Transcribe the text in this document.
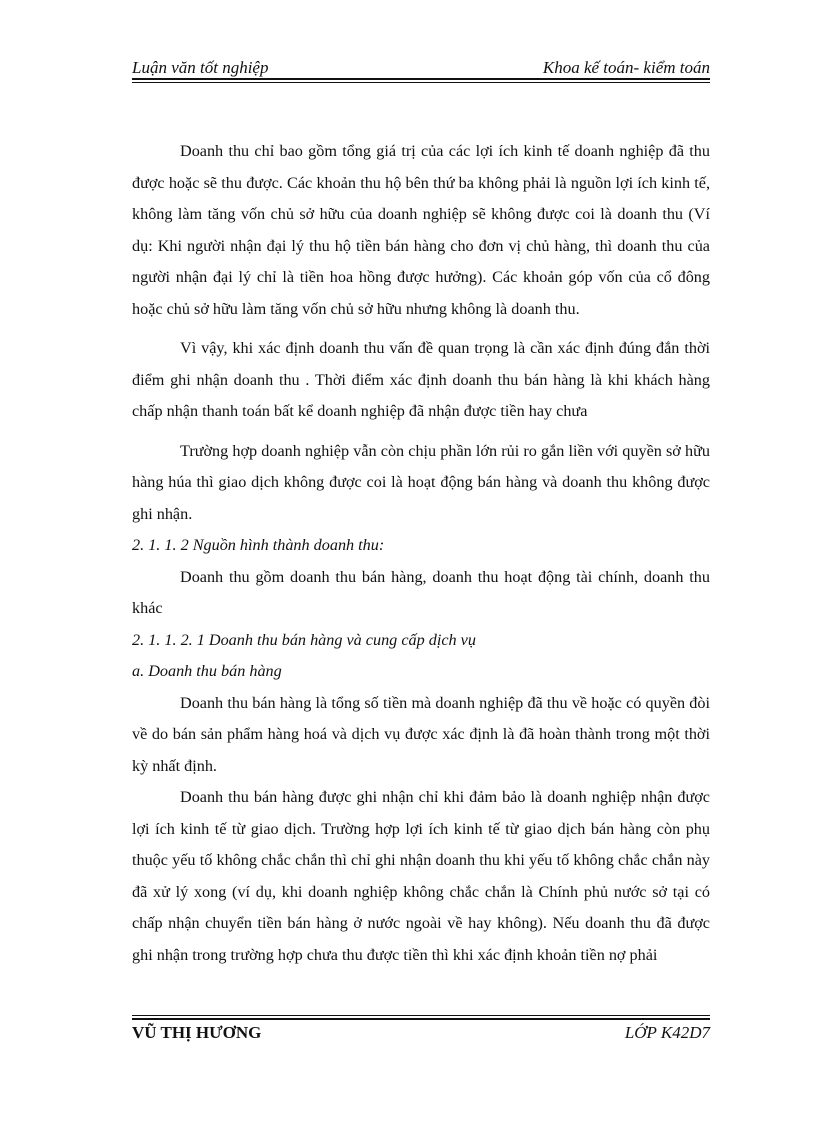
Luận văn tốt nghiệp	Khoa kế toán- kiểm toán

Doanh thu chỉ bao gồm tổng giá trị của các lợi ích kinh tế doanh nghiệp đã thu được hoặc sẽ thu được. Các khoản thu hộ bên thứ ba không phải là nguồn lợi ích kinh tế, không làm tăng vốn chủ sở hữu của doanh nghiệp sẽ không được coi là doanh thu (Ví dụ: Khi người nhận đại lý thu hộ tiền bán hàng cho đơn vị chủ hàng, thì doanh thu của người nhận đại lý chỉ là tiền hoa hồng được hưởng). Các khoản góp vốn của cổ đông hoặc chủ sở hữu làm tăng vốn chủ sở hữu nhưng không là doanh thu.

Vì vậy, khi xác định doanh thu vấn đề quan trọng là cần xác định đúng đắn thời điểm ghi nhận doanh thu . Thời điểm xác định doanh thu bán hàng là khi khách hàng chấp nhận thanh toán bất kể doanh nghiệp đã nhận được tiền hay chưa

Trường hợp doanh nghiệp vẫn còn chịu phần lớn rủi ro gắn liền với quyền sở hữu hàng húa thì giao dịch không được coi là hoạt động bán hàng và doanh thu không được ghi nhận.

2. 1. 1. 2 Nguồn hình thành doanh thu:

Doanh thu gồm doanh thu bán hàng, doanh thu hoạt động tài chính, doanh thu khác

2. 1. 1. 2. 1 Doanh thu bán hàng và cung cấp dịch vụ

a. Doanh thu bán hàng

Doanh thu bán hàng là tổng số tiền mà doanh nghiệp đã thu về hoặc có quyền đòi về do bán sản phẩm hàng hoá và dịch vụ được xác định là đã hoàn thành trong một thời kỳ nhất định.

Doanh thu bán hàng được ghi nhận chỉ khi đảm bảo là doanh nghiệp nhận được lợi ích kinh tế từ giao dịch. Trường hợp lợi ích kinh tế từ giao dịch bán hàng còn phụ thuộc yếu tố không chắc chắn thì chỉ ghi nhận doanh thu khi yếu tố không chắc chắn này đã xử lý xong (ví dụ, khi doanh nghiệp không chắc chắn là Chính phủ nước sở tại có chấp nhận chuyển tiền bán hàng ở nước ngoài về hay không). Nếu doanh thu đã được ghi nhận trong trường hợp chưa thu được tiền thì khi xác định khoản tiền nợ phải

VŨ THỊ HƯƠNG	LỚP K42D7
